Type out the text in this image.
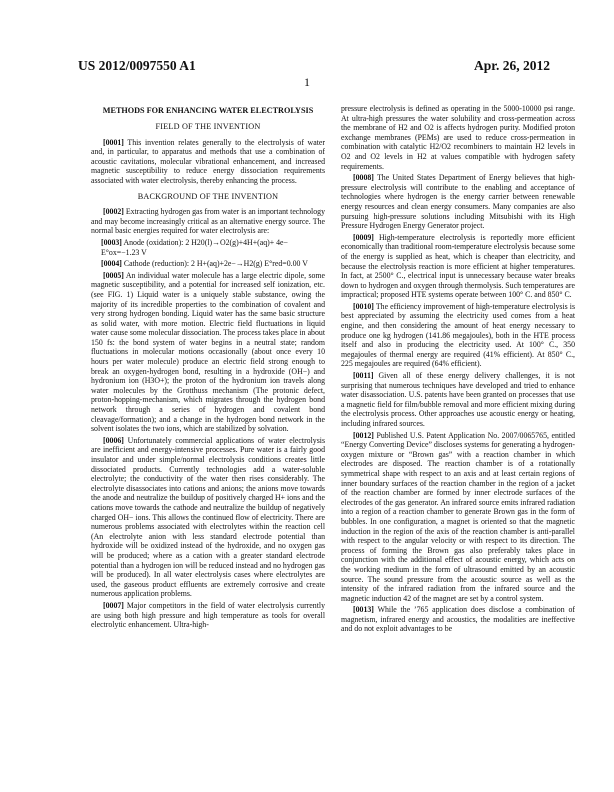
US 2012/0097550 A1	Apr. 26, 2012
1
METHODS FOR ENHANCING WATER ELECTROLYSIS
FIELD OF THE INVENTION

[0001] This invention relates generally to the electrolysis of water and, in particular, to apparatus and methods that use a combination of acoustic cavitations, molecular vibrational enhancement, and increased magnetic susceptibility to reduce energy dissociation requirements associated with water electrolysis, thereby enhancing the process.

BACKGROUND OF THE INVENTION

[0002] Extracting hydrogen gas from water is an important technology and may become increasingly critical as an alternative energy source. The normal basic energies required for water electrolysis are:

[0003] Anode (oxidation): 2 H20(l)→O2(g)+4H+(aq)+ 4e− E°ox=−1.23 V

[0004] Cathode (reduction): 2 H+(aq)+2e−→H2(g) E°red=0.00 V

[0005] An individual water molecule has a large electric dipole, some magnetic susceptibility, and a potential for increased self ionization, etc. (see FIG. 1) Liquid water is a uniquely stable substance, owing the majority of its incredible properties to the combination of covalent and very strong hydrogen bonding. Liquid water has the same basic structure as solid water, with more motion. Electric field fluctuations in liquid water cause some molecular dissociation. The process takes place in about 150 fs: the bond system of water begins in a neutral state; random fluctuations in molecular motions occasionally (about once every 10 hours per water molecule) produce an electric field strong enough to break an oxygen-hydrogen bond, resulting in a hydroxide (OH−) and hydronium ion (H3O+); the proton of the hydronium ion travels along water molecules by the Grotthuss mechanism (The protonic defect, proton-hopping-mechanism, which migrates through the hydrogen bond network through a series of hydrogen and covalent bond cleavage/formation); and a change in the hydrogen bond network in the solvent isolates the two ions, which are stabilized by solvation.

[0006] Unfortunately commercial applications of water electrolysis are inefficient and energy-intensive processes. Pure water is a fairly good insulator and under simple/normal electrolysis conditions creates little dissociated products. Currently technologies add a water-soluble electrolyte; the conductivity of the water then rises considerably. The electrolyte disassociates into cations and anions; the anions move towards the anode and neutralize the buildup of positively charged H+ ions and the cations move towards the cathode and neutralize the buildup of negatively charged OH− ions. This allows the continued flow of electricity. There are numerous problems associated with electrolytes within the reaction cell (An electrolyte anion with less standard electrode potential than hydroxide will be oxidized instead of the hydroxide, and no oxygen gas will be produced; where as a cation with a greater standard electrode potential than a hydrogen ion will be reduced instead and no hydrogen gas will be produced). In all water electrolysis cases where electrolytes are used, the gaseous product effluents are extremely corrosive and create numerous application problems.

[0007] Major competitors in the field of water electrolysis currently are using both high pressure and high temperature as tools for overall electrolytic enhancement. Ultra-high-

pressure electrolysis is defined as operating in the 5000-10000 psi range. At ultra-high pressures the water solubility and cross-permeation across the membrane of H2 and O2 is affects hydrogen purity. Modified proton exchange membranes (PEMs) are used to reduce cross-permeation in combination with catalytic H2/O2 recombiners to maintain H2 levels in O2 and O2 levels in H2 at values compatible with hydrogen safety requirements.

[0008] The United States Department of Energy believes that high-pressure electrolysis will contribute to the enabling and acceptance of technologies where hydrogen is the energy carrier between renewable energy resources and clean energy consumers. Many companies are also pursuing high-pressure solutions including Mitsubishi with its High Pressure Hydrogen Energy Generator project.

[0009] High-temperature electrolysis is reportedly more efficient economically than traditional room-temperature electrolysis because some of the energy is supplied as heat, which is cheaper than electricity, and because the electrolysis reaction is more efficient at higher temperatures. In fact, at 2500° C., electrical input is unnecessary because water breaks down to hydrogen and oxygen through thermolysis. Such temperatures are impractical; proposed HTE systems operate between 100° C. and 850° C.

[0010] The efficiency improvement of high-temperature electrolysis is best appreciated by assuming the electricity used comes from a heat engine, and then considering the amount of heat energy necessary to produce one kg hydrogen (141.86 megajoules), both in the HTE process itself and also in producing the electricity used. At 100° C., 350 megajoules of thermal energy are required (41% efficient). At 850° C., 225 megajoules are required (64% efficient).

[0011] Given all of these energy delivery challenges, it is not surprising that numerous techniques have developed and tried to enhance water disassociation. U.S. patents have been granted on processes that use a magnetic field for film/bubble removal and more efficient mixing during the electrolysis process. Other approaches use acoustic energy or heating, including infrared sources.

[0012] Published U.S. Patent Application No. 2007/0065765, entitled “Energy Converting Device” discloses systems for generating a hydrogen-oxygen mixture or “Brown gas” with a reaction chamber in which electrodes are disposed. The reaction chamber is of a rotationally symmetrical shape with respect to an axis and at least certain regions of inner boundary surfaces of the reaction chamber in the region of a jacket of the reaction chamber are formed by inner electrode surfaces of the electrodes of the gas generator. An infrared source emits infrared radiation into a region of a reaction chamber to generate Brown gas in the form of bubbles. In one configuration, a magnet is oriented so that the magnetic induction in the region of the axis of the reaction chamber is anti-parallel with respect to the angular velocity or with respect to its direction. The process of forming the Brown gas also preferably takes place in conjunction with the additional effect of acoustic energy, which acts on the working medium in the form of ultrasound emitted by an acoustic source. The sound pressure from the acoustic source as well as the intensity of the infrared radiation from the infrared source and the magnetic induction 42 of the magnet are set by a control system.

[0013] While the ’765 application does disclose a combination of magnetism, infrared energy and acoustics, the modalities are ineffective and do not exploit advantages to be
